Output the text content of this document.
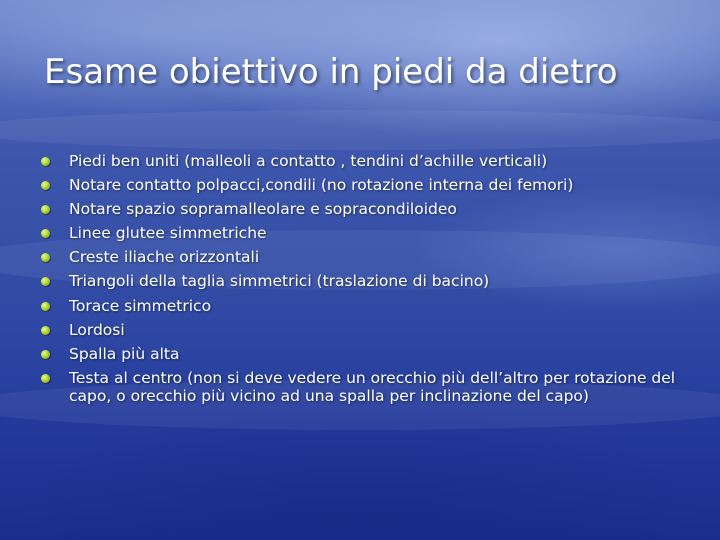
Esame obiettivo in piedi da dietro
Piedi ben uniti (malleoli a contatto , tendini d’achille verticali)
Notare contatto polpacci,condili (no rotazione interna dei femori)
Notare spazio sopramalleolare e sopracondiloideo
Linee glutee simmetriche
Creste iliache orizzontali
Triangoli della taglia simmetrici (traslazione di bacino)
Torace simmetrico
Lordosi
Spalla più alta
Testa al centro (non si deve vedere un orecchio più dell’altro per rotazione del capo, o orecchio più vicino ad una spalla per inclinazione del capo)
